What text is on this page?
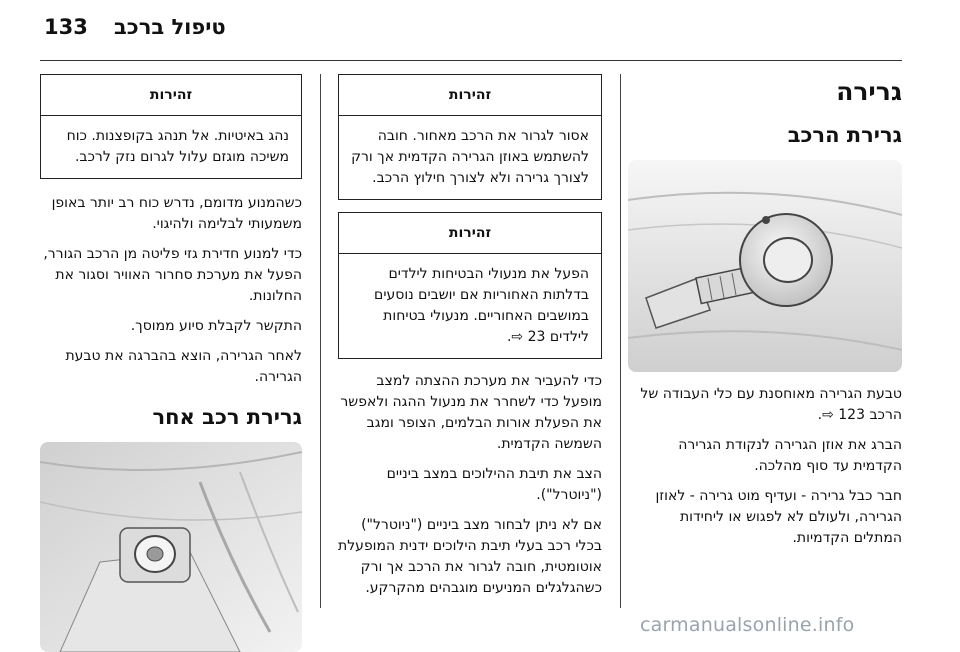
טיפול ברכב
133
גרירה
גרירת הרכב

טבעת הגרירה מאוחסנת עם כלי העבודה של הרכב 123 ⇨.

הברג את אוזן הגרירה לנקודת הגרירה הקדמית עד סוף מהלכה.

חבר כבל גרירה - ועדיף מוט גרירה - לאוזן הגרירה, ולעולם לא לפגוש או ליחידות המתלים הקדמיות.

זהירות
אסור לגרור את הרכב מאחור. חובה להשתמש באוזן הגרירה הקדמית אך ורק לצורך גרירה ולא לצורך חילוץ הרכב.
זהירות
הפעל את מנעולי הבטיחות לילדים בדלתות האחוריות אם יושבים נוסעים במושבים האחוריים. מנעולי בטיחות לילדים 23 ⇨.

כדי להעביר את מערכת ההצתה למצב מופעל כדי לשחרר את מנעול ההגה ולאפשר את הפעלת אורות הבלמים, הצופר ומגב השמשה הקדמית.

הצב את תיבת ההילוכים במצב ביניים ("ניוטרל").

אם לא ניתן לבחור מצב ביניים ("ניוטרל") בכלי רכב בעלי תיבת הילוכים ידנית המופעלת אוטומטית, חובה לגרור את הרכב אך ורק כשהגלגלים המניעים מוגבהים מהקרקע.

זהירות
נהג באיטיות. אל תנהג בקופצנות. כוח משיכה מוגזם עלול לגרום נזק לרכב.

כשהמנוע מדומם, נדרש כוח רב יותר באופן משמעותי לבלימה ולהיגוי.

כדי למנוע חדירת גזי פליטה מן הרכב הגורר, הפעל את מערכת סחרור האוויר וסגור את החלונות.

התקשר לקבלת סיוע ממוסך.

לאחר הגרירה, הוצא בהברגה את טבעת הגרירה.

גרירת רכב אחר
carmanualsonline.info
